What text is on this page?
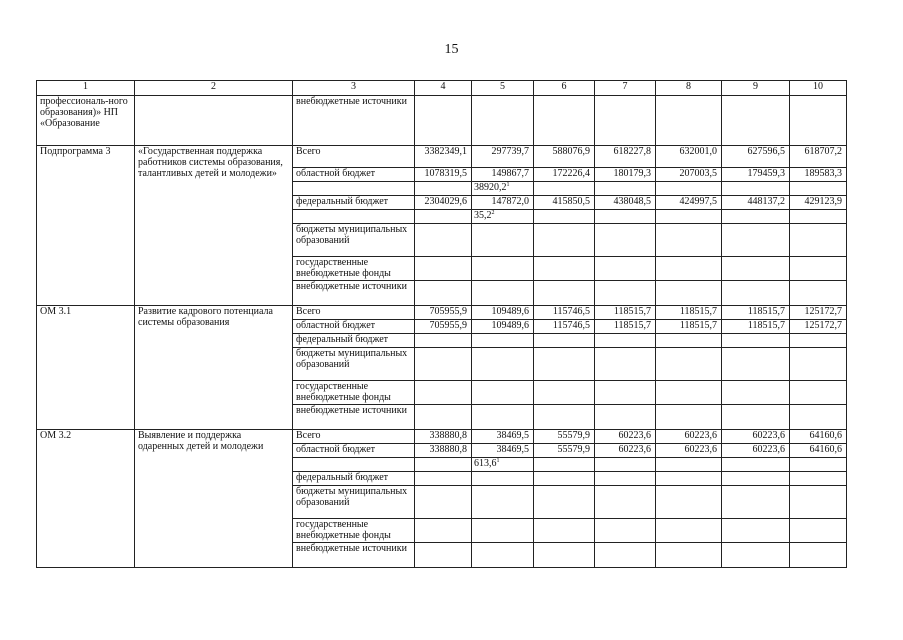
15
1	2	3	4	5	6	7	8	9	10
профессиональ-ного образования)» НП «Образование		внебюджетные источники							
Подпрограмма 3	«Государственная поддержка работников системы образования, талантливых детей и молодежи»	Всего	3382349,1	297739,7	588076,9	618227,8	632001,0	627596,5	618707,2

		областной бюджет	1078319,5	149867,7	172226,4	180179,3	207003,5	179459,3	189583,3

				38920,2$^1$

		федеральный бюджет	2304029,6	147872,0	415850,5	438048,5	424997,5	448137,2	429123,9

				35,2$^2$

		бюджеты муниципальных образований							
		государственные внебюджетные фонды							
		внебюджетные источники							
ОМ 3.1	Развитие кадрового потенциала системы образования	Всего	705955,9	109489,6	115746,5	118515,7	118515,7	118515,7	125172,7

		областной бюджет	705955,9	109489,6	115746,5	118515,7	118515,7	118515,7	125172,7

		федеральный бюджет							
		бюджеты муниципальных образований							
		государственные внебюджетные фонды							
		внебюджетные источники							
ОМ 3.2	Выявление и поддержка одаренных детей и молодежи	Всего	338880,8	38469,5	55579,9	60223,6	60223,6	60223,6	64160,6

		областной бюджет	338880,8	38469,5	55579,9	60223,6	60223,6	60223,6	64160,6

				613,6$^1$

		федеральный бюджет							
		бюджеты муниципальных образований							
		государственные внебюджетные фонды							
		внебюджетные источники							
